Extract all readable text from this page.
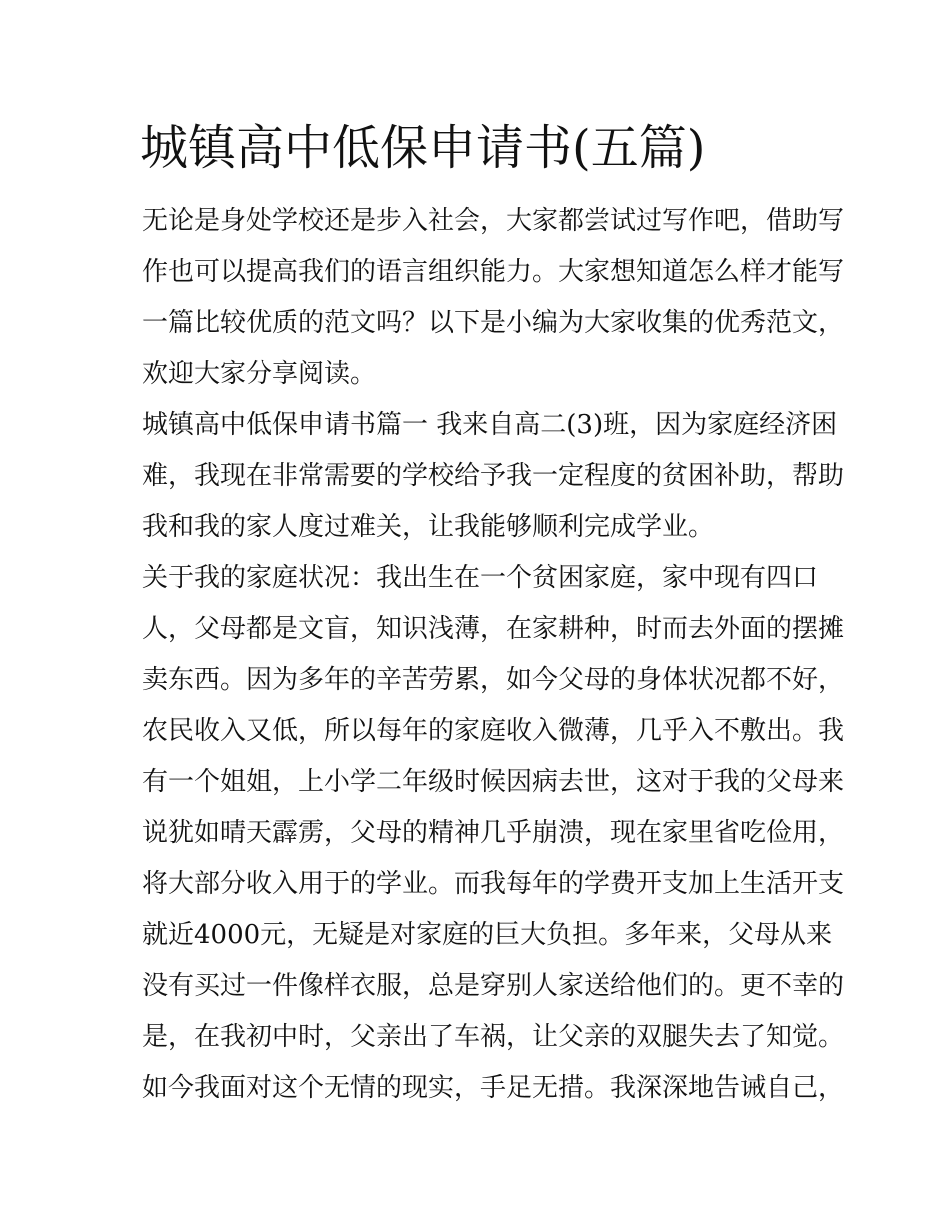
城镇高中低保申请书(五篇)

无论是身处学校还是步入社会，大家都尝试过写作吧，借助写

作也可以提高我们的语言组织能力。大家想知道怎么样才能写

一篇比较优质的范文吗？以下是小编为大家收集的优秀范文，

欢迎大家分享阅读。

城镇高中低保申请书篇一 我来自高二(3)班，因为家庭经济困

难，我现在非常需要的学校给予我一定程度的贫困补助，帮助

我和我的家人度过难关，让我能够顺利完成学业。

关于我的家庭状况：我出生在一个贫困家庭，家中现有四口

人，父母都是文盲，知识浅薄，在家耕种，时而去外面的摆摊

卖东西。因为多年的辛苦劳累，如今父母的身体状况都不好，

农民收入又低，所以每年的家庭收入微薄，几乎入不敷出。我

有一个姐姐，上小学二年级时候因病去世，这对于我的父母来

说犹如晴天霹雳，父母的精神几乎崩溃，现在家里省吃俭用，

将大部分收入用于的学业。而我每年的学费开支加上生活开支

就近4000元，无疑是对家庭的巨大负担。多年来，父母从来

没有买过一件像样衣服，总是穿别人家送给他们的。更不幸的

是，在我初中时，父亲出了车祸，让父亲的双腿失去了知觉。

如今我面对这个无情的现实，手足无措。我深深地告诫自己，
